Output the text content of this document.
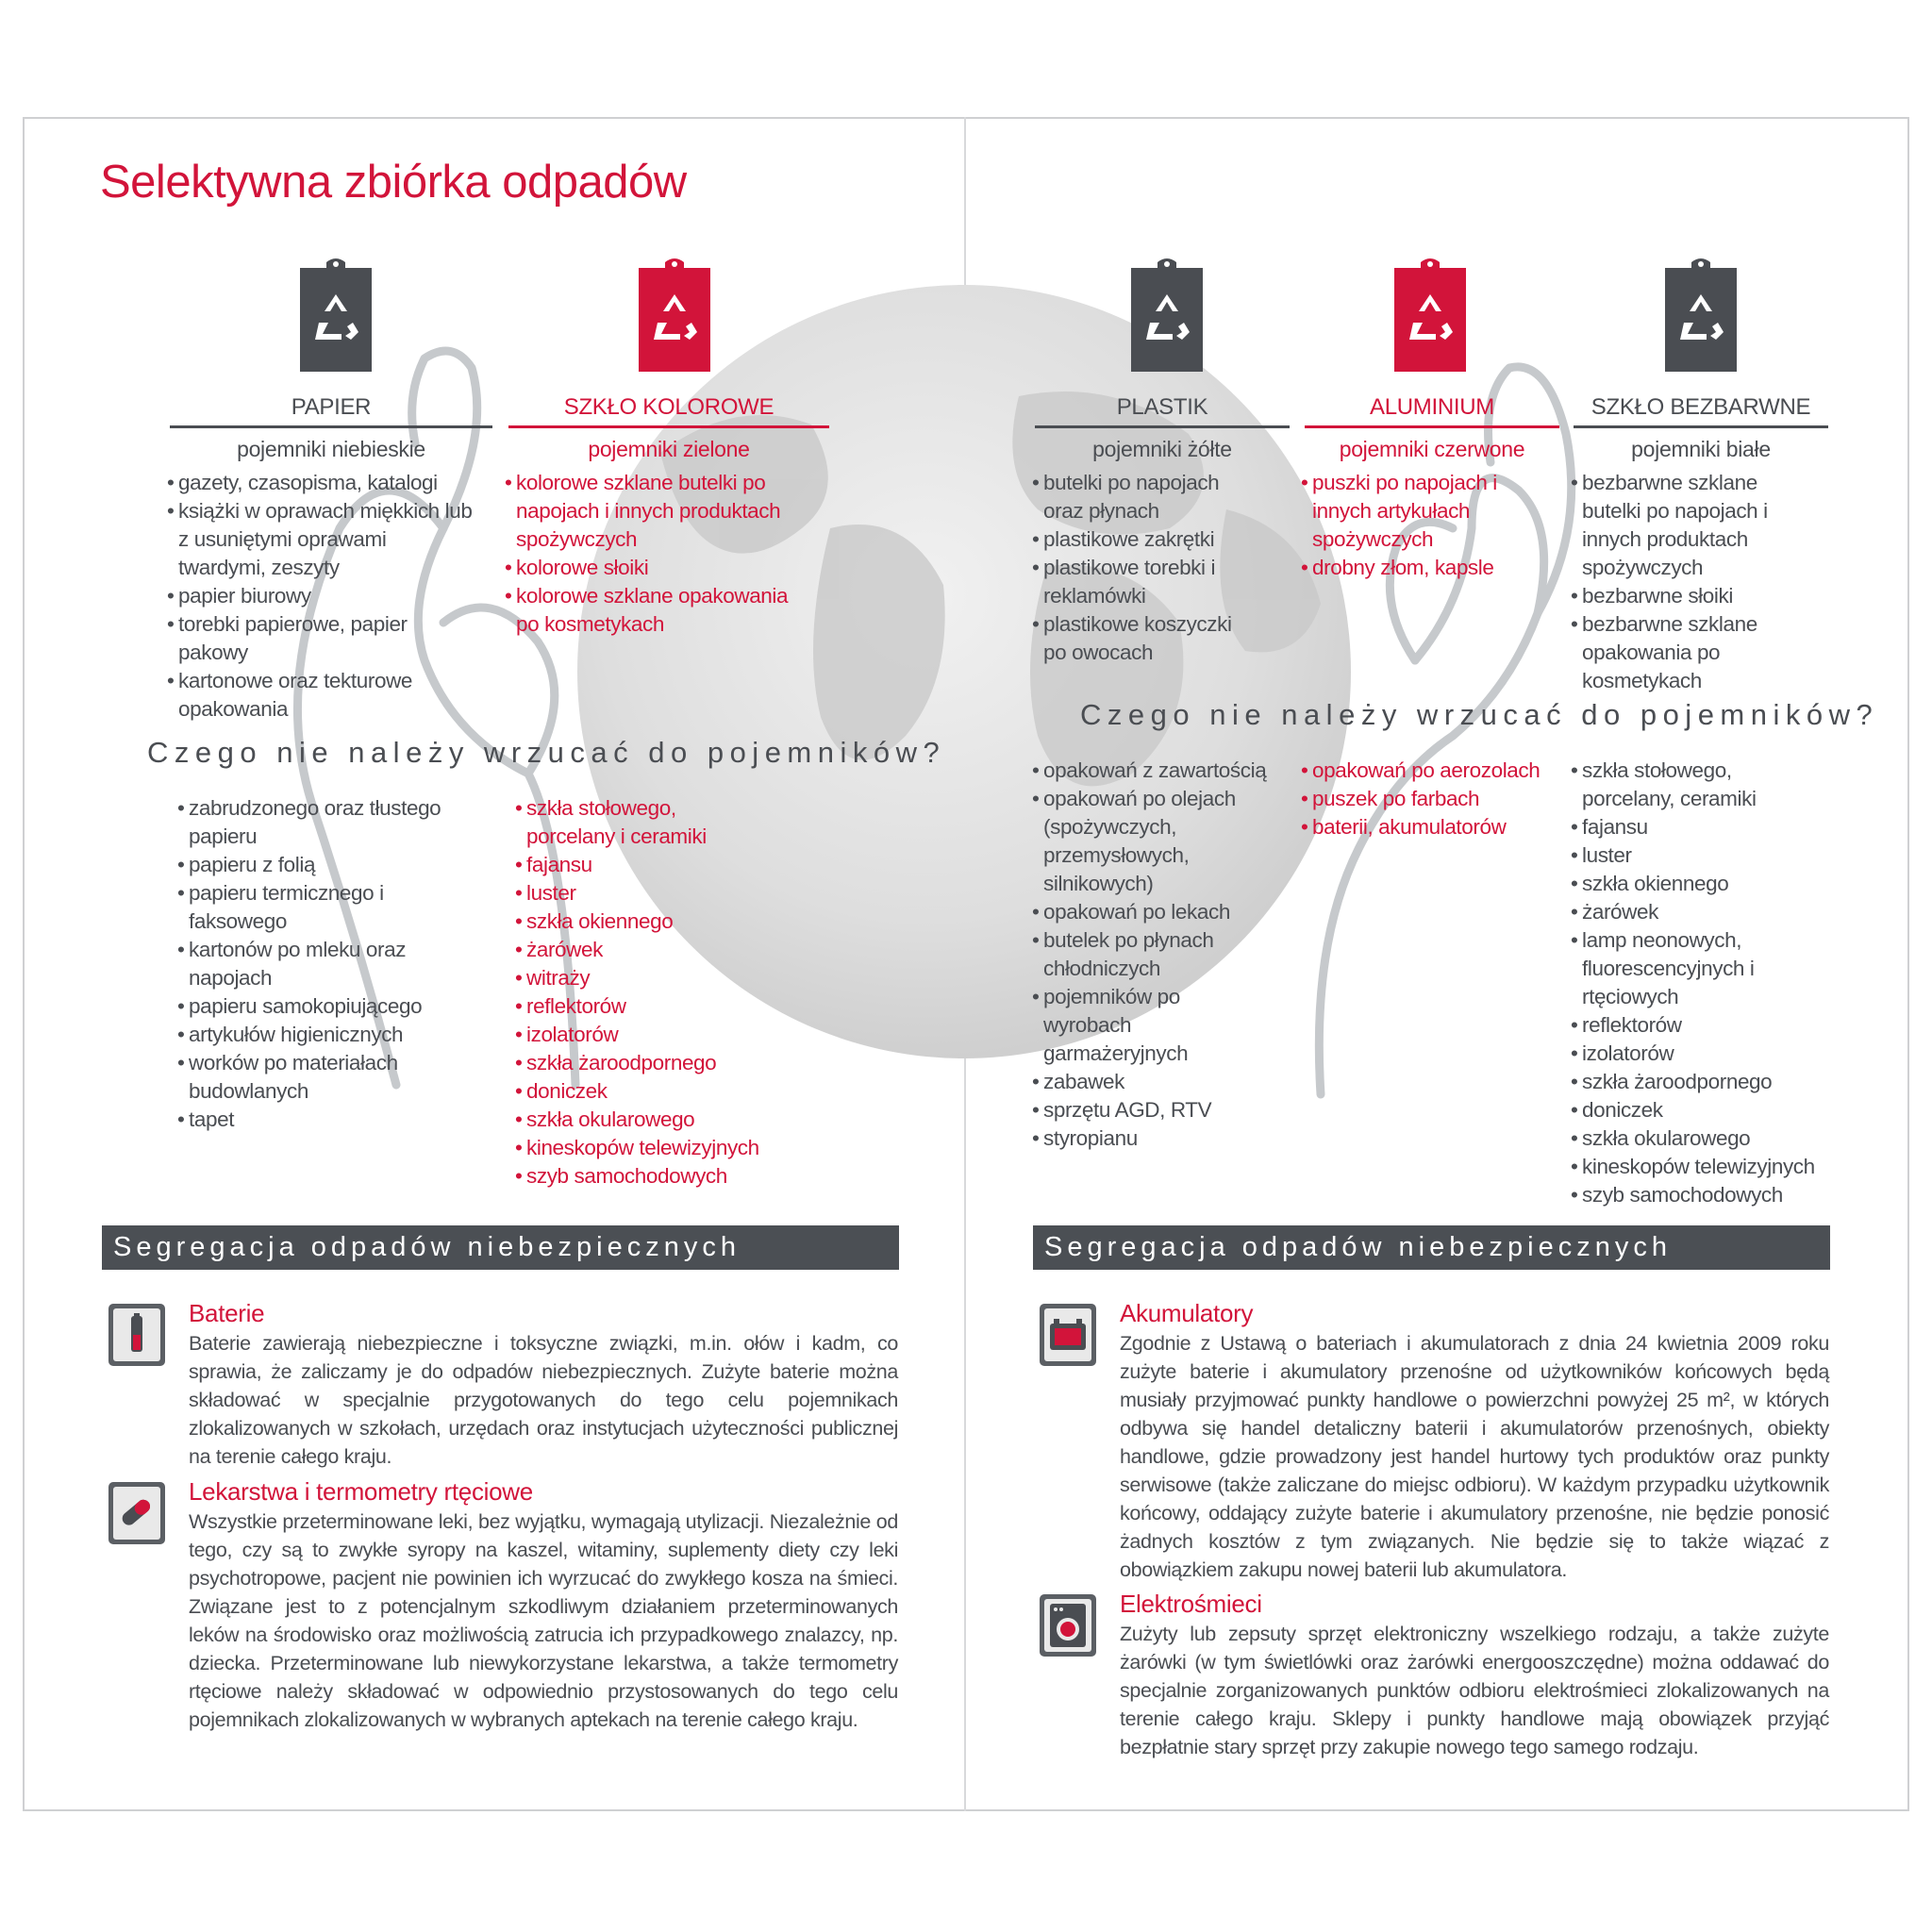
Selektywna zbiórka odpadów
PAPIER
pojemniki niebieskie
SZKŁO KOLOROWE
pojemniki zielone
PLASTIK
pojemniki żółte
ALUMINIUM
pojemniki czerwone
SZKŁO BEZBARWNE
pojemniki białe
• gazety, czasopisma, katalogi
• książki w oprawach miękkich lub z usuniętymi oprawami twardymi, zeszyty
• papier biurowy
• torebki papierowe, papier pakowy
• kartonowe oraz tekturowe opakowania
• kolorowe szklane butelki po napojach i innych produktach spożywczych
• kolorowe słoiki
• kolorowe szklane opakowania po kosmetykach
• butelki po napojach oraz płynach
• plastikowe zakrętki
• plastikowe torebki i reklamówki
• plastikowe koszyczki po owocach
• puszki po napojach i innych artykułach spożywczych
• drobny złom, kapsle
• bezbarwne szklane butelki po napojach i innych produktach spożywczych
• bezbarwne słoiki
• bezbarwne szklane opakowania po kosmetykach
Czego nie należy wrzucać do pojemników?
Czego nie należy wrzucać do pojemników?
• zabrudzonego oraz tłustego papieru
• papieru z folią
• papieru termicznego i faksowego
• kartonów po mleku oraz napojach
• papieru samokopiującego
• artykułów higienicznych
• worków po materiałach budowlanych
• tapet
• szkła stołowego, porcelany i ceramiki
• fajansu
• luster
• szkła okiennego
• żarówek
• witraży
• reflektorów
• izolatorów
• szkła żaroodpornego
• doniczek
• szkła okularowego
• kineskopów telewizyjnych
• szyb samochodowych
• opakowań z zawartością
• opakowań po olejach (spożywczych, przemysłowych, silnikowych)
• opakowań po lekach
• butelek po płynach chłodniczych
• pojemników po wyrobach garmażeryjnych
• zabawek
• sprzętu AGD, RTV
• styropianu
• opakowań po aerozolach
• puszek po farbach
• baterii, akumulatorów
• szkła stołowego, porcelany, ceramiki
• fajansu
• luster
• szkła okiennego
• żarówek
• lamp neonowych, fluorescencyjnych i rtęciowych
• reflektorów
• izolatorów
• szkła żaroodpornego
• doniczek
• szkła okularowego
• kineskopów telewizyjnych
• szyb samochodowych
Segregacja odpadów niebezpiecznych	Segregacja odpadów niebezpiecznych
Baterie

Baterie zawierają niebezpieczne i toksyczne związki, m.in. ołów i kadm, co sprawia, że zaliczamy je do odpadów niebezpiecznych. Zużyte baterie można składować w specjalnie przygotowanych do tego celu pojemnikach zlokalizowanych w szkołach, urzędach oraz instytucjach użyteczności publicznej na terenie całego kraju.

Lekarstwa i termometry rtęciowe

Wszystkie przeterminowane leki, bez wyjątku, wymagają utylizacji. Niezależnie od tego, czy są to zwykłe syropy na kaszel, witaminy, suplementy diety czy leki psychotropowe, pacjent nie powinien ich wyrzucać do zwykłego kosza na śmieci. Związane jest to z potencjalnym szkodliwym działaniem przeterminowanych leków na środowisko oraz możliwością zatrucia ich przypadkowego znalazcy, np. dziecka. Przeterminowane lub niewykorzystane lekarstwa, a także termometry rtęciowe należy składować w odpowiednio przystosowanych do tego celu pojemnikach zlokalizowanych w wybranych aptekach na terenie całego kraju.

Akumulatory

Zgodnie z Ustawą o bateriach i akumulatorach z dnia 24 kwietnia 2009 roku zużyte baterie i akumulatory przenośne od użytkowników końcowych będą musiały przyjmować punkty handlowe o powierzchni powyżej 25 m², w których odbywa się handel detaliczny baterii i akumulatorów przenośnych, obiekty handlowe, gdzie prowadzony jest handel hurtowy tych produktów oraz punkty serwisowe (także zaliczane do miejsc odbioru). W każdym przypadku użytkownik końcowy, oddający zużyte baterie i akumulatory przenośne, nie będzie ponosić żadnych kosztów z tym związanych. Nie będzie się to także wiązać z obowiązkiem zakupu nowej baterii lub akumulatora.

Elektrośmieci

Zużyty lub zepsuty sprzęt elektroniczny wszelkiego rodzaju, a także zużyte żarówki (w tym świetlówki oraz żarówki energooszczędne) można oddawać do specjalnie zorganizowanych punktów odbioru elektrośmieci zlokalizowanych na terenie całego kraju. Sklepy i punkty handlowe mają obowiązek przyjąć bezpłatnie stary sprzęt przy zakupie nowego tego samego rodzaju.
